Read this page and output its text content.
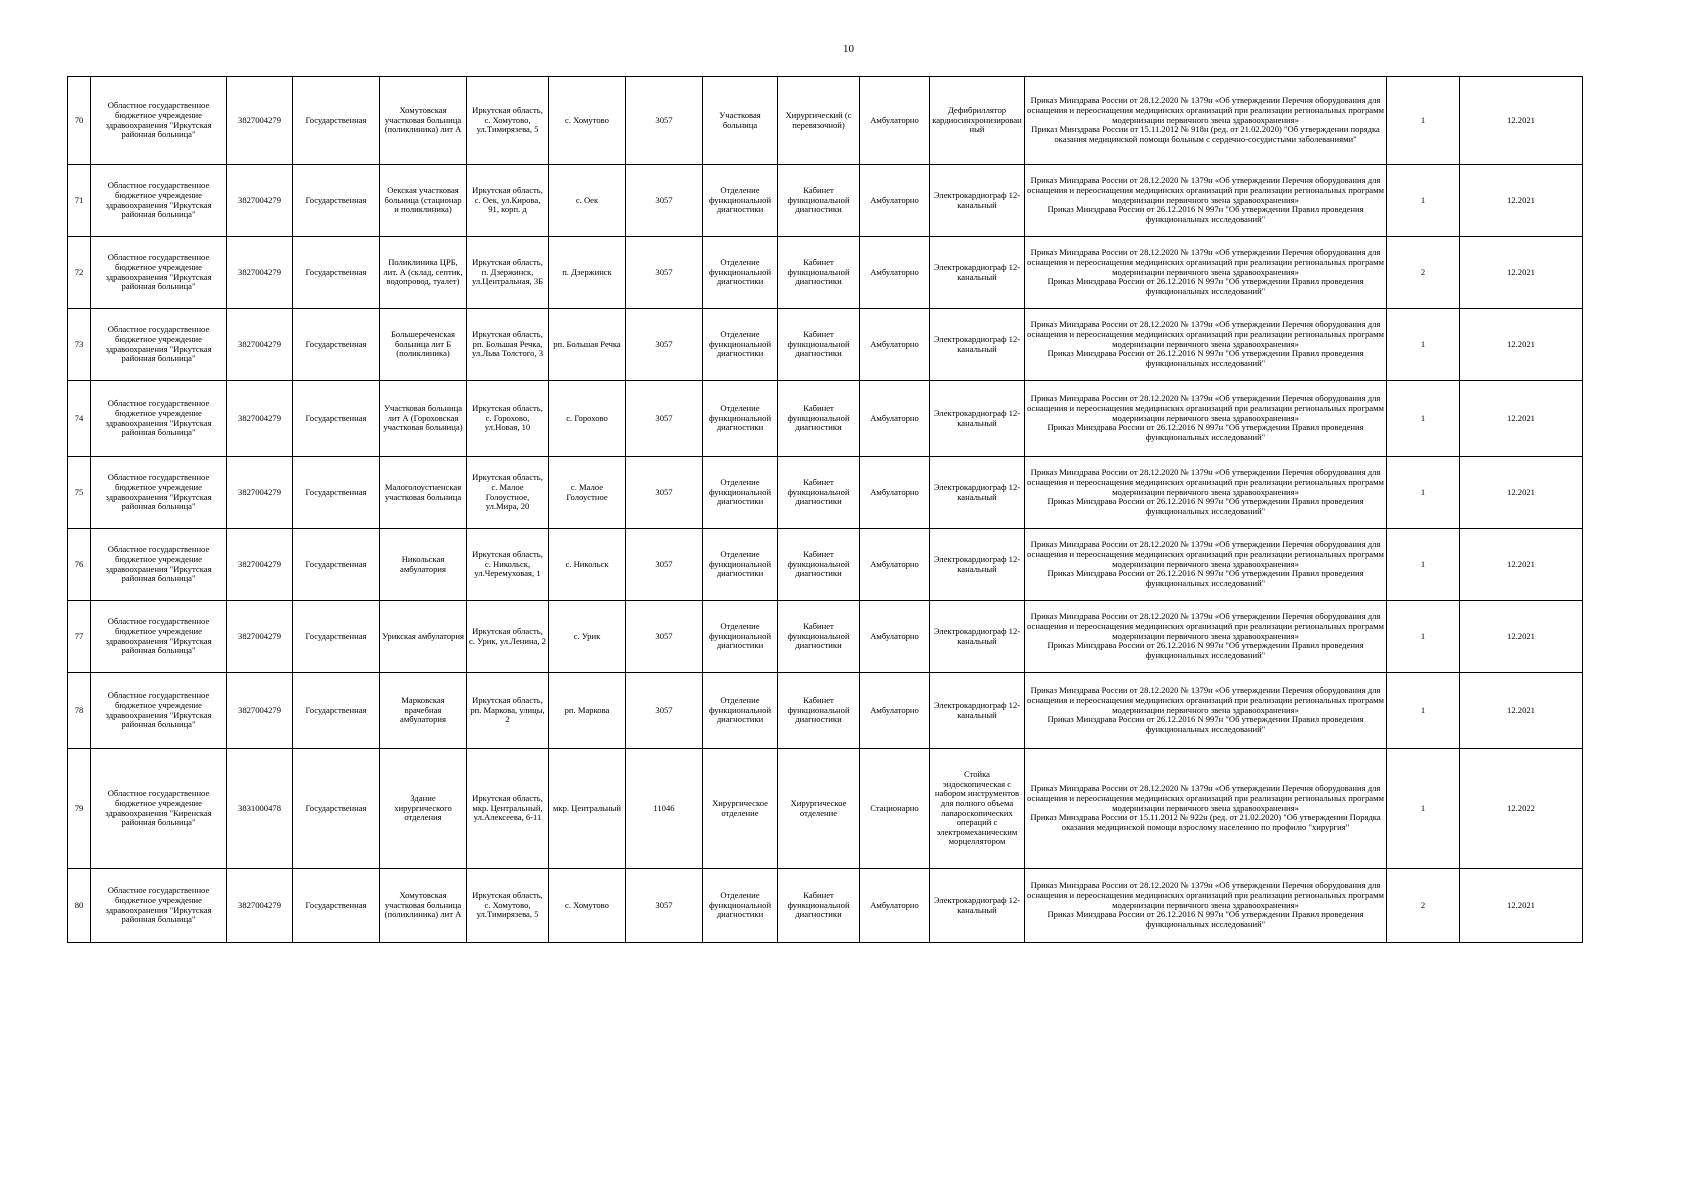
10
70	Областное государственное бюджетное учреждение здравоохранения "Иркутская районная больница"	3827004279	Государственная	Хомутовская участковая больница (поликлиника) лит А	Иркутская область, с. Хомутово, ул.Тимирязева, 5	с. Хомутово	3057	Участковая больница	Хирургический (с перевязочной)	Амбулаторно	Дефибриллятор кардиосинхронизированный	Приказ Минздрава России от 28.12.2020 № 1379н «Об утверждении Перечня оборудования для оснащения и переоснащения медицинских организаций при реализации региональных программ модернизации первичного звена здравоохранения»
Приказ Минздрава России от 15.11.2012 № 918н (ред. от 21.02.2020) "Об утверждении порядка оказания медицинской помощи больным с сердечно-сосудистыми заболеваниями"	1	12.2021
71	Областное государственное бюджетное учреждение здравоохранения "Иркутская районная больница"	3827004279	Государственная	Оекская участковая больница (стационар и поликлиника)	Иркутская область, с. Оек, ул.Кирова, 91, корп. д	с. Оек	3057	Отделение функциональной диагностики	Кабинет функциональной диагностики	Амбулаторно	Электрокардиограф 12-канальный	Приказ Минздрава России от 28.12.2020 № 1379н «Об утверждении Перечня оборудования для оснащения и переоснащения медицинских организаций при реализации региональных программ модернизации первичного звена здравоохранения»
Приказ Минздрава России от 26.12.2016 N 997н "Об утверждении Правил проведения функциональных исследований"	1	12.2021
72	Областное государственное бюджетное учреждение здравоохранения "Иркутская районная больница"	3827004279	Государственная	Поликлиника ЦРБ, лит. А (склад, септик, водопровод, туалет)	Иркутская область, п. Дзержинск, ул.Центральная, 3Б	п. Дзержинск	3057	Отделение функциональной диагностики	Кабинет функциональной диагностики	Амбулаторно	Электрокардиограф 12-канальный	Приказ Минздрава России от 28.12.2020 № 1379н «Об утверждении Перечня оборудования для оснащения и переоснащения медицинских организаций при реализации региональных программ модернизации первичного звена здравоохранения»
Приказ Минздрава России от 26.12.2016 N 997н "Об утверждении Правил проведения функциональных исследований"	2	12.2021
73	Областное государственное бюджетное учреждение здравоохранения "Иркутская районная больница"	3827004279	Государственная	Большереченская больница лит Б (поликлиника)	Иркутская область, рп. Большая Речка, ул.Льва Толстого, 3	рп. Большая Речка	3057	Отделение функциональной диагностики	Кабинет функциональной диагностики	Амбулаторно	Электрокардиограф 12-канальный	Приказ Минздрава России от 28.12.2020 № 1379н «Об утверждении Перечня оборудования для оснащения и переоснащения медицинских организаций при реализации региональных программ модернизации первичного звена здравоохранения»
Приказ Минздрава России от 26.12.2016 N 997н "Об утверждении Правил проведения функциональных исследований"	1	12.2021
74	Областное государственное бюджетное учреждение здравоохранения "Иркутская районная больница"	3827004279	Государственная	Участковая больница лит А (Гороховская участковая больница)	Иркутская область, с. Горохово, ул.Новая, 10	с. Горохово	3057	Отделение функциональной диагностики	Кабинет функциональной диагностики	Амбулаторно	Электрокардиограф 12-канальный	Приказ Минздрава России от 28.12.2020 № 1379н «Об утверждении Перечня оборудования для оснащения и переоснащения медицинских организаций при реализации региональных программ модернизации первичного звена здравоохранения»
Приказ Минздрава России от 26.12.2016 N 997н "Об утверждении Правил проведения функциональных исследований"	1	12.2021
75	Областное государственное бюджетное учреждение здравоохранения "Иркутская районная больница"	3827004279	Государственная	Малоголоустненская участковая больница	Иркутская область, с. Малое Голоустное, ул.Мира, 20	с. Малое Голоустное	3057	Отделение функциональной диагностики	Кабинет функциональной диагностики	Амбулаторно	Электрокардиограф 12-канальный	Приказ Минздрава России от 28.12.2020 № 1379н «Об утверждении Перечня оборудования для оснащения и переоснащения медицинских организаций при реализации региональных программ модернизации первичного звена здравоохранения»
Приказ Минздрава России от 26.12.2016 N 997н "Об утверждении Правил проведения функциональных исследований"	1	12.2021
76	Областное государственное бюджетное учреждение здравоохранения "Иркутская районная больница"	3827004279	Государственная	Никольская амбулатория	Иркутская область, с. Никольск, ул.Черемуховая, 1	с. Никольск	3057	Отделение функциональной диагностики	Кабинет функциональной диагностики	Амбулаторно	Электрокардиограф 12-канальный	Приказ Минздрава России от 28.12.2020 № 1379н «Об утверждении Перечня оборудования для оснащения и переоснащения медицинских организаций при реализации региональных программ модернизации первичного звена здравоохранения»
Приказ Минздрава России от 26.12.2016 N 997н "Об утверждении Правил проведения функциональных исследований"	1	12.2021
77	Областное государственное бюджетное учреждение здравоохранения "Иркутская районная больница"	3827004279	Государственная	Урикская амбулатория	Иркутская область, с. Урик, ул.Ленина, 2	с. Урик	3057	Отделение функциональной диагностики	Кабинет функциональной диагностики	Амбулаторно	Электрокардиограф 12-канальный	Приказ Минздрава России от 28.12.2020 № 1379н «Об утверждении Перечня оборудования для оснащения и переоснащения медицинских организаций при реализации региональных программ модернизации первичного звена здравоохранения»
Приказ Минздрава России от 26.12.2016 N 997н "Об утверждении Правил проведения функциональных исследований"	1	12.2021
78	Областное государственное бюджетное учреждение здравоохранения "Иркутская районная больница"	3827004279	Государственная	Марковская врачебная амбулатория	Иркутская область, рп. Маркова, улицы, 2	рп. Маркова	3057	Отделение функциональной диагностики	Кабинет функциональной диагностики	Амбулаторно	Электрокардиограф 12-канальный	Приказ Минздрава России от 28.12.2020 № 1379н «Об утверждении Перечня оборудования для оснащения и переоснащения медицинских организаций при реализации региональных программ модернизации первичного звена здравоохранения»
Приказ Минздрава России от 26.12.2016 N 997н "Об утверждении Правил проведения функциональных исследований"	1	12.2021
79	Областное государственное бюджетное учреждение здравоохранения "Киренская районная больница"	3831000478	Государственная	Здание хирургического отделения	Иркутская область, мкр. Центральный, ул.Алексеева, 6-11	мкр. Центральный	11046	Хирургическое отделение	Хирургическое отделение	Стационарно	Стойка эндоскопическая с набором инструментов для полного объема лапароскопических операций с электромеханическим морцеллятором	Приказ Минздрава России от 28.12.2020 № 1379н «Об утверждении Перечня оборудования для оснащения и переоснащения медицинских организаций при реализации региональных программ модернизации первичного звена здравоохранения»
Приказ Минздрава России от 15.11.2012 № 922н (ред. от 21.02.2020) "Об утверждении Порядка оказания медицинской помощи взрослому населению по профилю "хирургия"	1	12.2022
80	Областное государственное бюджетное учреждение здравоохранения "Иркутская районная больница"	3827004279	Государственная	Хомутовская участковая больница (поликлиника) лит А	Иркутская область, с. Хомутово, ул.Тимирязева, 5	с. Хомутово	3057	Отделение функциональной диагностики	Кабинет функциональной диагностики	Амбулаторно	Электрокардиограф 12-канальный	Приказ Минздрава России от 28.12.2020 № 1379н «Об утверждении Перечня оборудования для оснащения и переоснащения медицинских организаций при реализации региональных программ модернизации первичного звена здравоохранения»
Приказ Минздрава России от 26.12.2016 N 997н "Об утверждении Правил проведения функциональных исследований"	2	12.2021
